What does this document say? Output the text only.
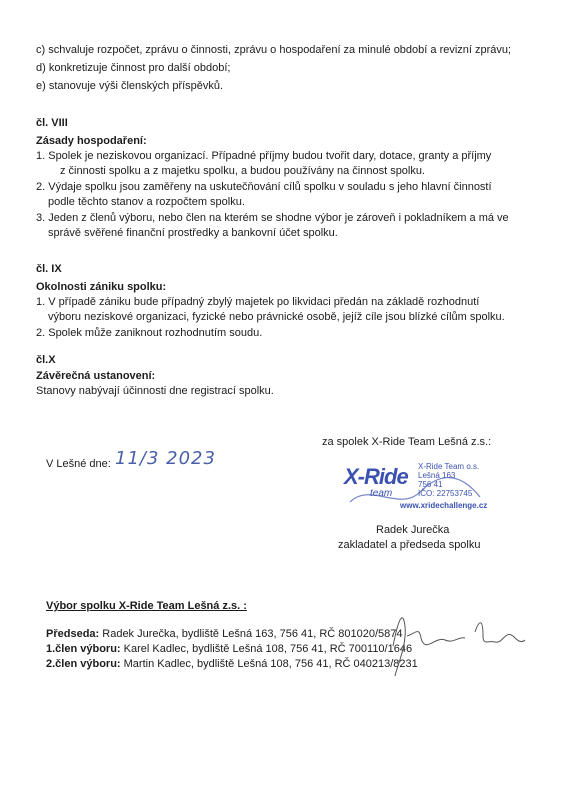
c) schvaluje rozpočet, zprávu o činnosti, zprávu o hospodaření za minulé období a revizní zprávu;
d) konkretizuje činnost pro další období;
e) stanovuje výši členských příspěvků.
čl. VIII
Zásady hospodaření:
1. Spolek je neziskovou organizací. Případné příjmy budou tvořit dary, dotace, granty a příjmy
z činnosti spolku a z majetku spolku, a budou používány na činnost spolku.
2. Výdaje spolku jsou zaměřeny na uskutečňování cílů spolku v souladu s jeho hlavní činností
podle těchto stanov a rozpočtem spolku.
3. Jeden z členů výboru, nebo člen na kterém se shodne výbor je zároveň i pokladníkem a má ve
správě svěřené finanční prostředky a bankovní účet spolku.
čl. IX
Okolnosti zániku spolku:
1. V případě zániku bude případný zbylý majetek po likvidaci předán na základě rozhodnutí
výboru neziskové organizaci, fyzické nebo právnické osobě, jejíž cíle jsou blízké cílům spolku.
2. Spolek může zaniknout rozhodnutím soudu.
čl.X
Závěrečná ustanovení:
Stanovy nabývají účinnosti dne registrací spolku.
V Lešné dne: 11/3 2023
za spolek X-Ride Team Lešná z.s.:
X-Ride
team
X-Ride Team o.s.
Lešná 163
756 41
IČO: 22753745
www.xridechallenge.cz
Radek Jurečka
zakladatel a předseda spolku
Výbor spolku X-Ride Team Lešná z.s. :
Předseda: Radek Jurečka, bydliště Lešná 163, 756 41, RČ 801020/5874
1.člen výboru: Karel Kadlec, bydliště Lešná 108, 756 41, RČ 700110/1646
2.člen výboru: Martin Kadlec, bydliště Lešná 108, 756 41, RČ 040213/8231
